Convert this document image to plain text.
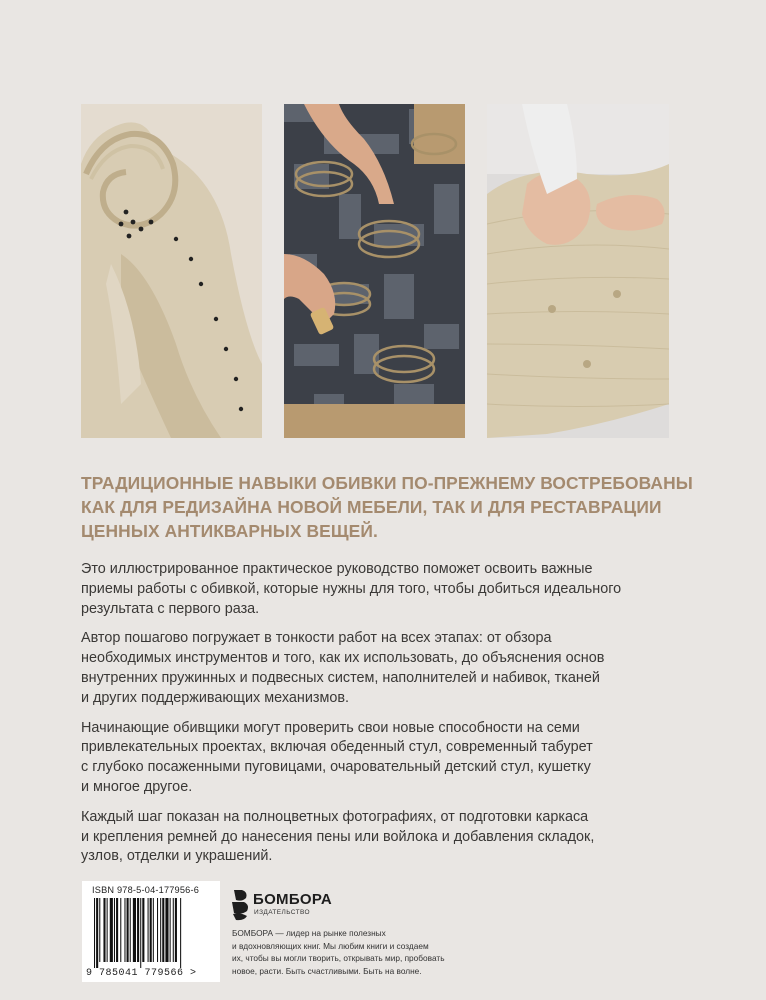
ТРАДИЦИОННЫЕ НАВЫКИ ОБИВКИ ПО-ПРЕЖНЕМУ ВОСТРЕБОВАНЫ
КАК ДЛЯ РЕДИЗАЙНА НОВОЙ МЕБЕЛИ, ТАК И ДЛЯ РЕСТАВРАЦИИ
ЦЕННЫХ АНТИКВАРНЫХ ВЕЩЕЙ.

Это иллюстрированное практическое руководство поможет освоить важные
приемы работы с обивкой, которые нужны для того, чтобы добиться идеального
результата с первого раза.

Автор пошагово погружает в тонкости работ на всех этапах: от обзора
необходимых инструментов и того, как их использовать, до объяснения основ
внутренних пружинных и подвесных систем, наполнителей и набивок, тканей
и других поддерживающих механизмов.

Начинающие обивщики могут проверить свои новые способности на семи
привлекательных проектах, включая обеденный стул, современный табурет
с глубоко посаженными пуговицами, очаровательный детский стул, кушетку
и многое другое.

Каждый шаг показан на полноцветных фотографиях, от подготовки каркаса
и крепления ремней до нанесения пены или войлока и добавления складок,
узлов, отделки и украшений.

ISBN 978-5-04-177956-6
9 785041 779566 >
БОМБОРА
ИЗДАТЕЛЬСТВО
БОМБОРА — лидер на рынке полезных
и вдохновляющих книг. Мы любим книги и создаем
их, чтобы вы могли творить, открывать мир, пробовать
новое, расти. Быть счастливыми. Быть на волне.
